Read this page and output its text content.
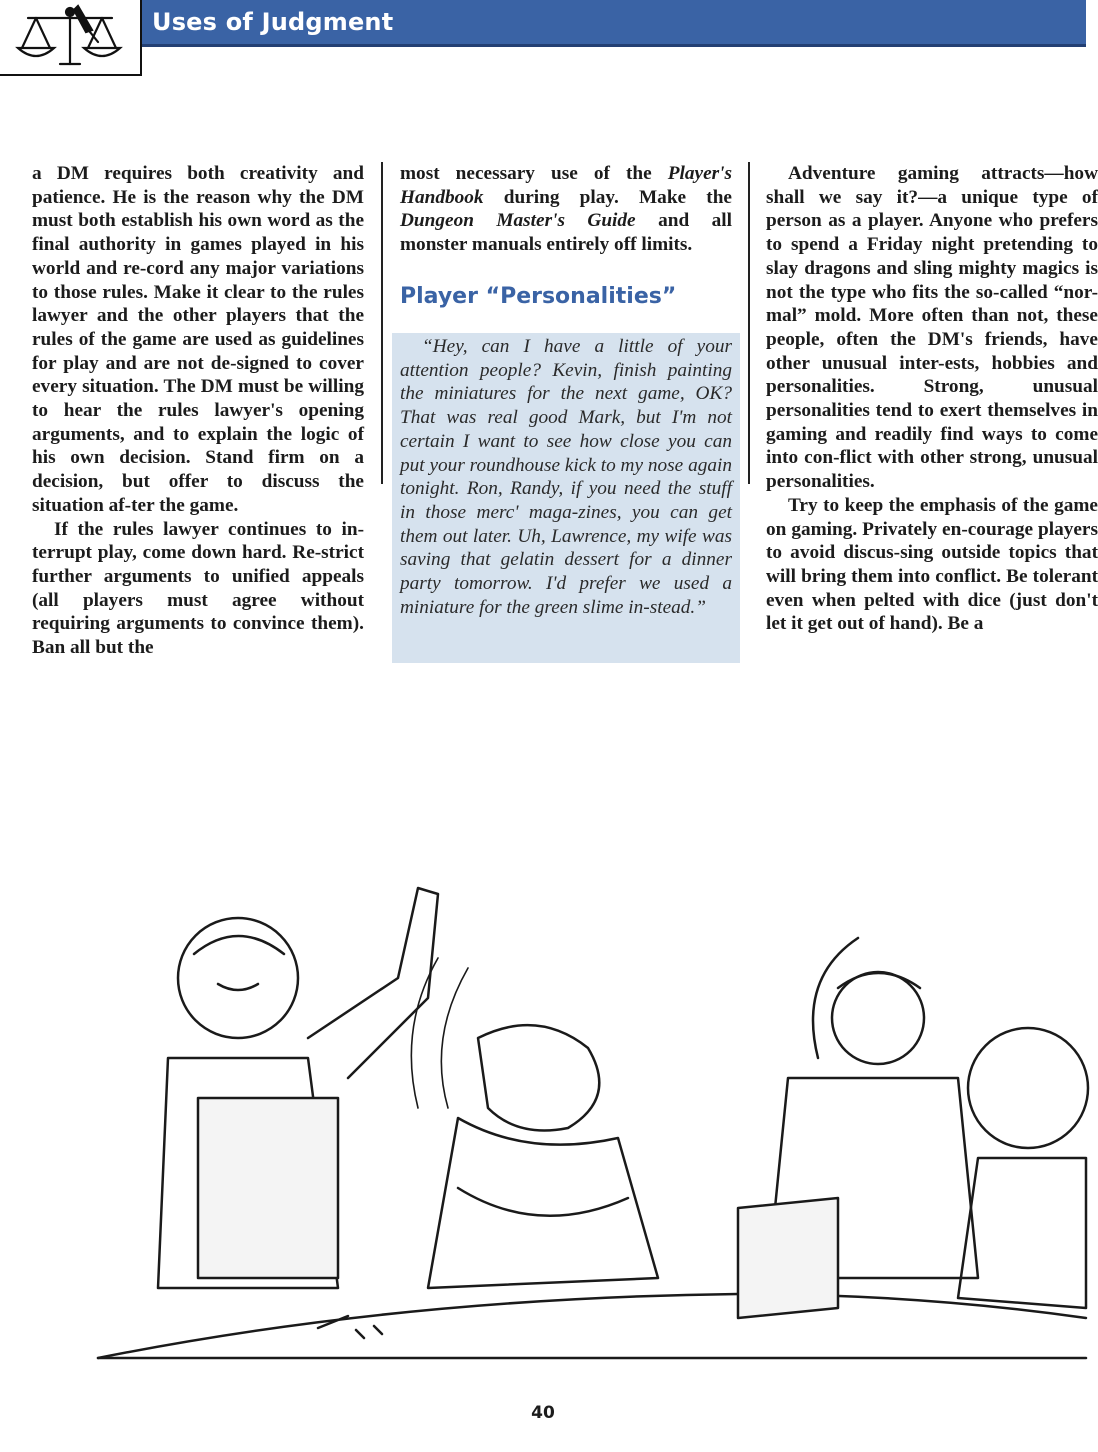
Uses of Judgment

a DM requires both creativity and patience. He is the reason why the DM must both establish his own word as the final authority in games played in his world and re-cord any major variations to those rules. Make it clear to the rules lawyer and the other players that the rules of the game are used as guidelines for play and are not de-signed to cover every situation. The DM must be willing to hear the rules lawyer's opening arguments, and to explain the logic of his own decision. Stand firm on a decision, but offer to discuss the situation af-ter the game.

If the rules lawyer continues to in-terrupt play, come down hard. Re-strict further arguments to unified appeals (all players must agree without requiring arguments to convince them). Ban all but the

most necessary use of the Player's Handbook during play. Make the Dungeon Master's Guide and all monster manuals entirely off limits.

Player “Personalities”

“Hey, can I have a little of your attention people? Kevin, finish painting the miniatures for the next game, OK? That was real good Mark, but I'm not certain I want to see how close you can put your roundhouse kick to my nose again tonight. Ron, Randy, if you need the stuff in those merc' maga-zines, you can get them out later. Uh, Lawrence, my wife was saving that gelatin dessert for a dinner party tomorrow. I'd prefer we used a miniature for the green slime in-stead.”

Adventure gaming attracts—how shall we say it?—a unique type of person as a player. Anyone who prefers to spend a Friday night pretending to slay dragons and sling mighty magics is not the type who fits the so-called “nor-mal” mold. More often than not, these people, often the DM's friends, have other unusual inter-ests, hobbies and personalities. Strong, unusual personalities tend to exert themselves in gaming and readily find ways to come into con-flict with other strong, unusual personalities.

Try to keep the emphasis of the game on gaming. Privately en-courage players to avoid discus-sing outside topics that will bring them into conflict. Be tolerant even when pelted with dice (just don't let it get out of hand). Be a

40
